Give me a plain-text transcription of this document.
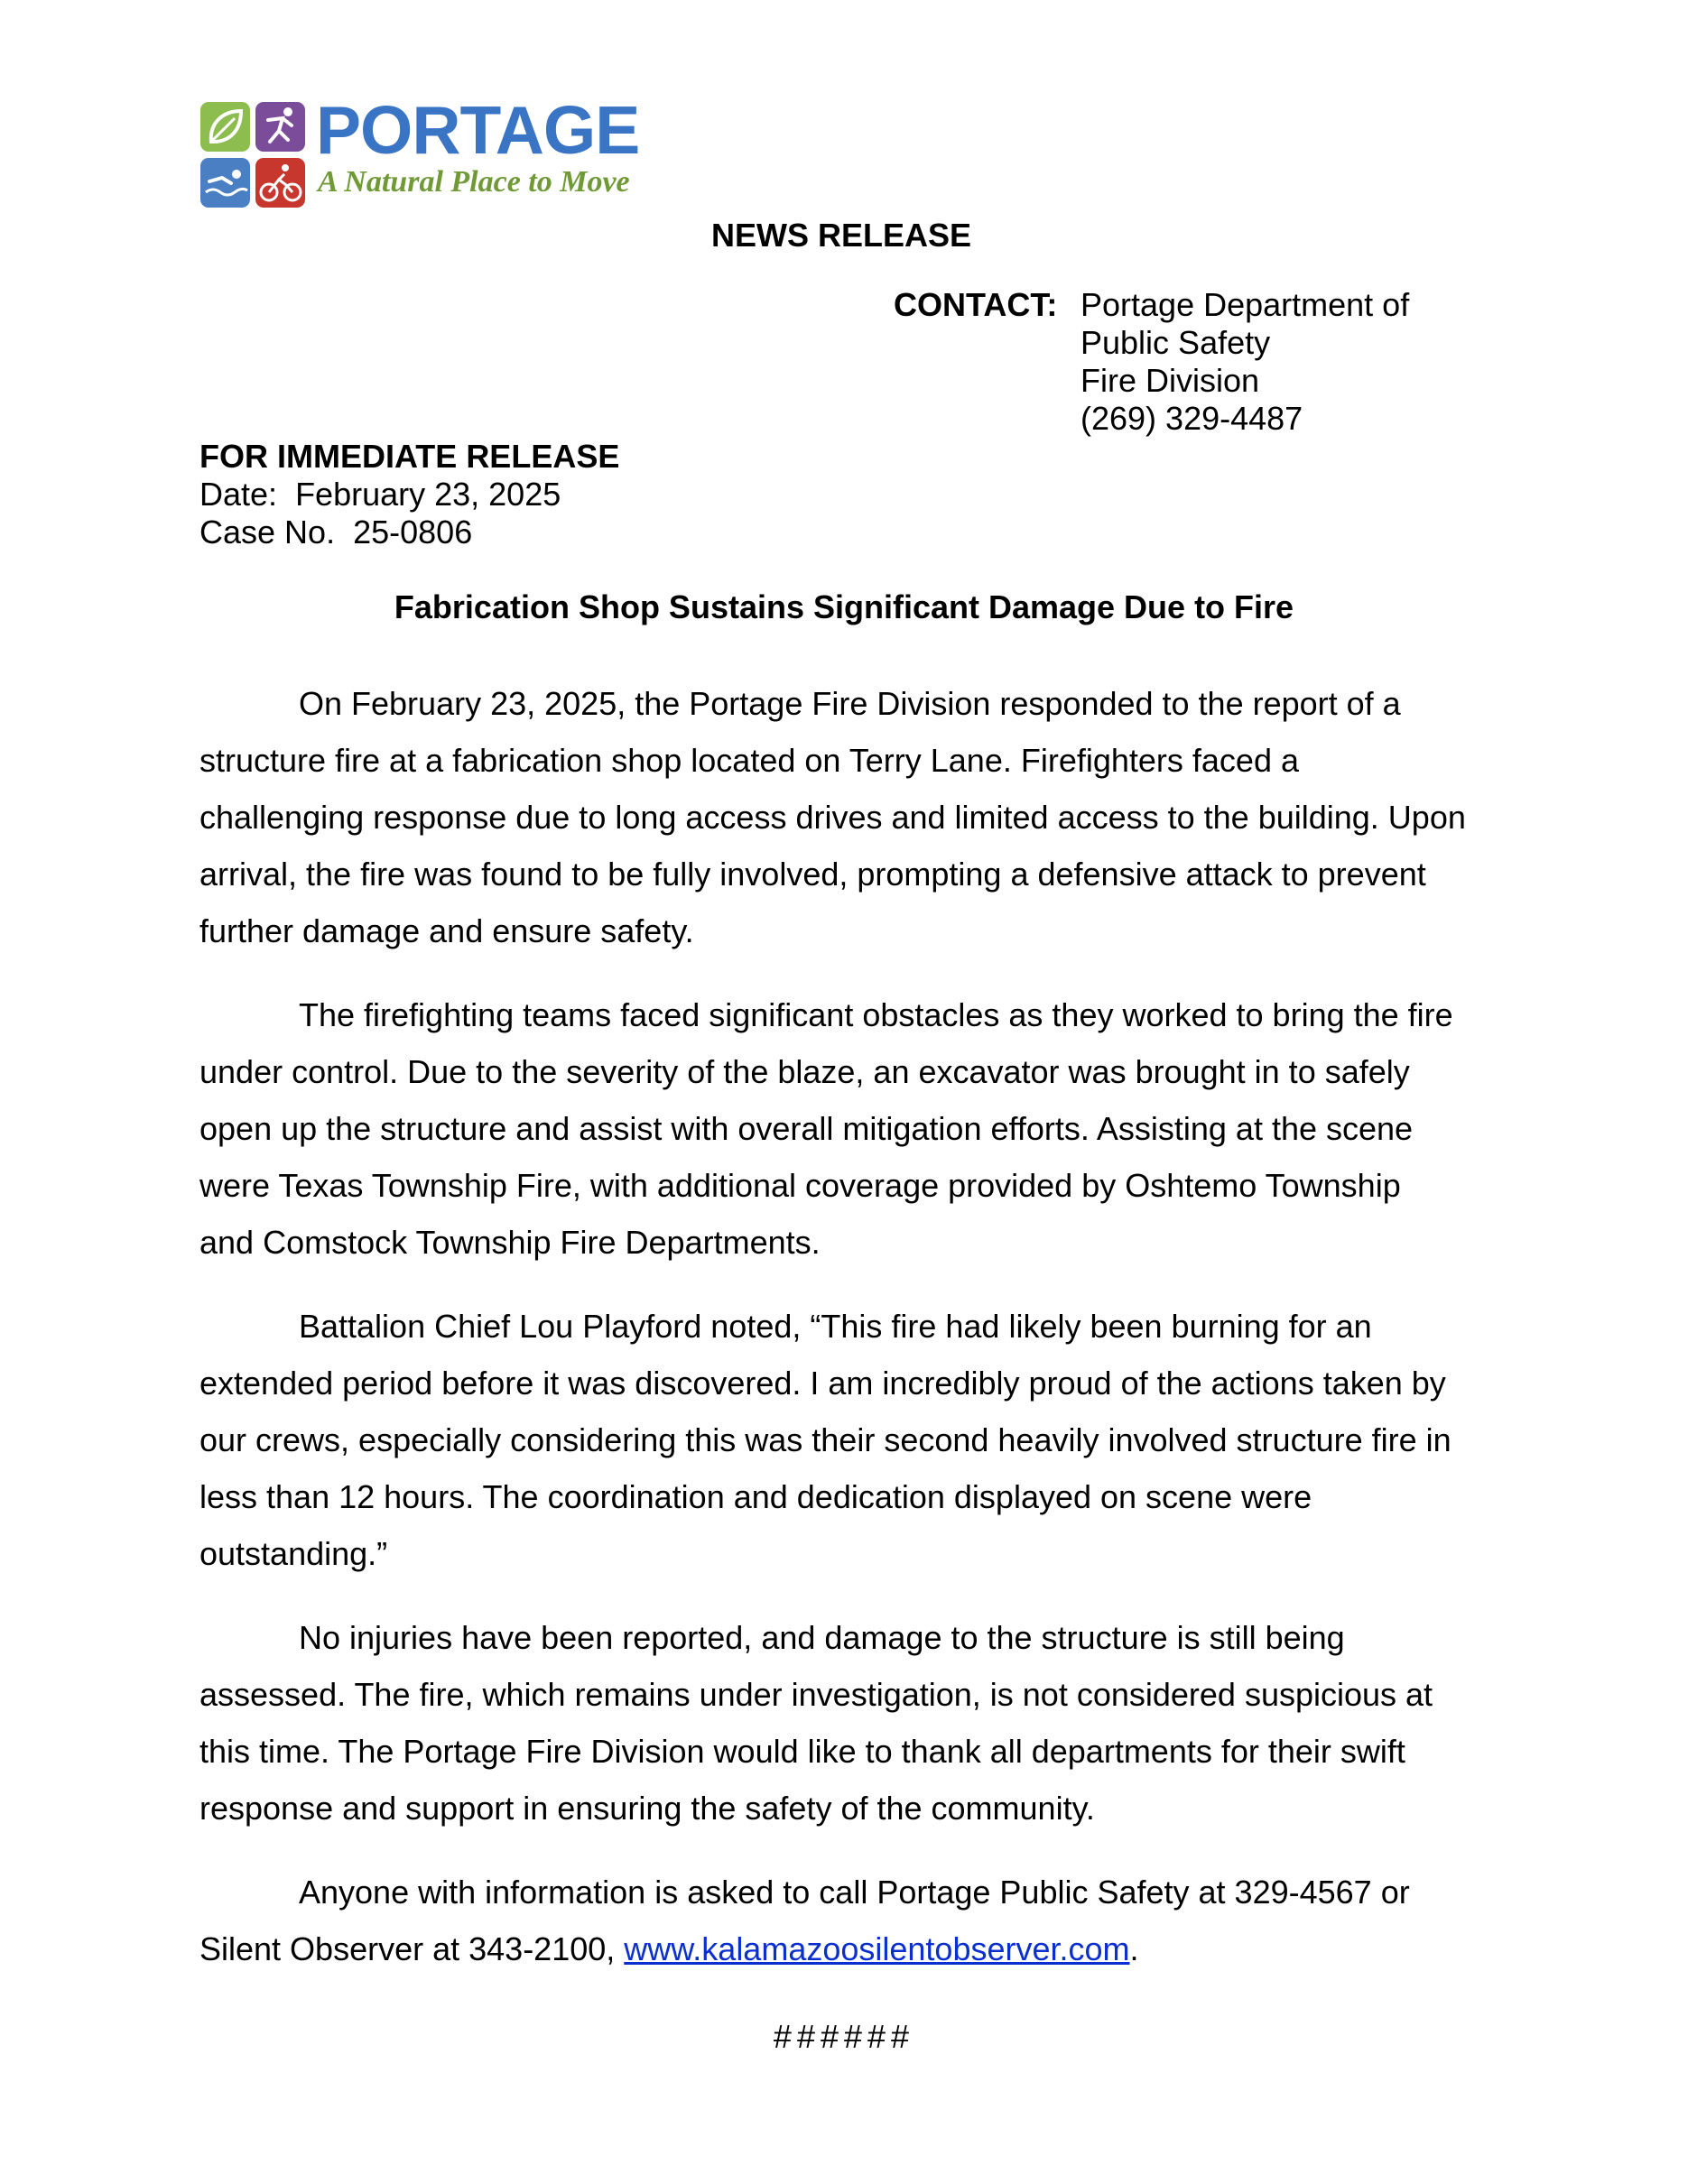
PORTAGE
A Natural Place to Move
NEWS RELEASE
CONTACT: Portage Department of
Public Safety
Fire Division
(269) 329-4487
FOR IMMEDIATE RELEASE
Date: February 23, 2025
Case No. 25-0806
Fabrication Shop Sustains Significant Damage Due to Fire

On February 23, 2025, the Portage Fire Division responded to the report of a
structure fire at a fabrication shop located on Terry Lane. Firefighters faced a
challenging response due to long access drives and limited access to the building. Upon
arrival, the fire was found to be fully involved, prompting a defensive attack to prevent
further damage and ensure safety.

The firefighting teams faced significant obstacles as they worked to bring the fire
under control. Due to the severity of the blaze, an excavator was brought in to safely
open up the structure and assist with overall mitigation efforts. Assisting at the scene
were Texas Township Fire, with additional coverage provided by Oshtemo Township
and Comstock Township Fire Departments.

Battalion Chief Lou Playford noted, “This fire had likely been burning for an
extended period before it was discovered. I am incredibly proud of the actions taken by
our crews, especially considering this was their second heavily involved structure fire in
less than 12 hours. The coordination and dedication displayed on scene were
outstanding.”

No injuries have been reported, and damage to the structure is still being
assessed. The fire, which remains under investigation, is not considered suspicious at
this time. The Portage Fire Division would like to thank all departments for their swift
response and support in ensuring the safety of the community.

Anyone with information is asked to call Portage Public Safety at 329-4567 or
Silent Observer at 343-2100, www.kalamazoosilentobserver.com.

######
